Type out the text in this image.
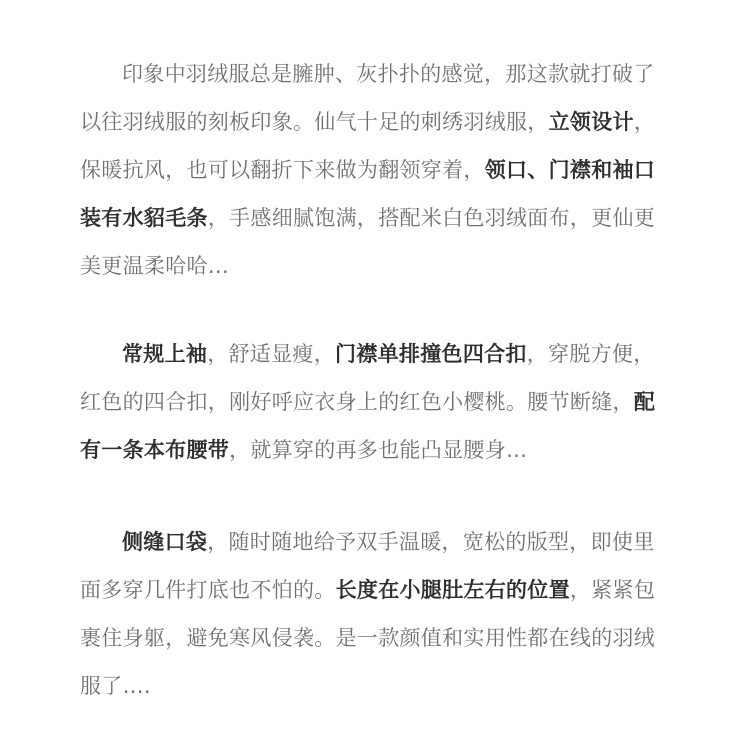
印象中羽绒服总是臃肿、灰扑扑的感觉，那这款就打破了以往羽绒服的刻板印象。仙气十足的刺绣羽绒服，立领设计，保暖抗风，也可以翻折下来做为翻领穿着，领口、门襟和袖口装有水貂毛条，手感细腻饱满，搭配米白色羽绒面布，更仙更美更温柔哈哈…

常规上袖，舒适显瘦，门襟单排撞色四合扣，穿脱方便，红色的四合扣，刚好呼应衣身上的红色小樱桃。腰节断缝，配有一条本布腰带，就算穿的再多也能凸显腰身…

侧缝口袋，随时随地给予双手温暖，宽松的版型，即使里面多穿几件打底也不怕的。长度在小腿肚左右的位置，紧紧包裹住身躯，避免寒风侵袭。是一款颜值和实用性都在线的羽绒服了….
